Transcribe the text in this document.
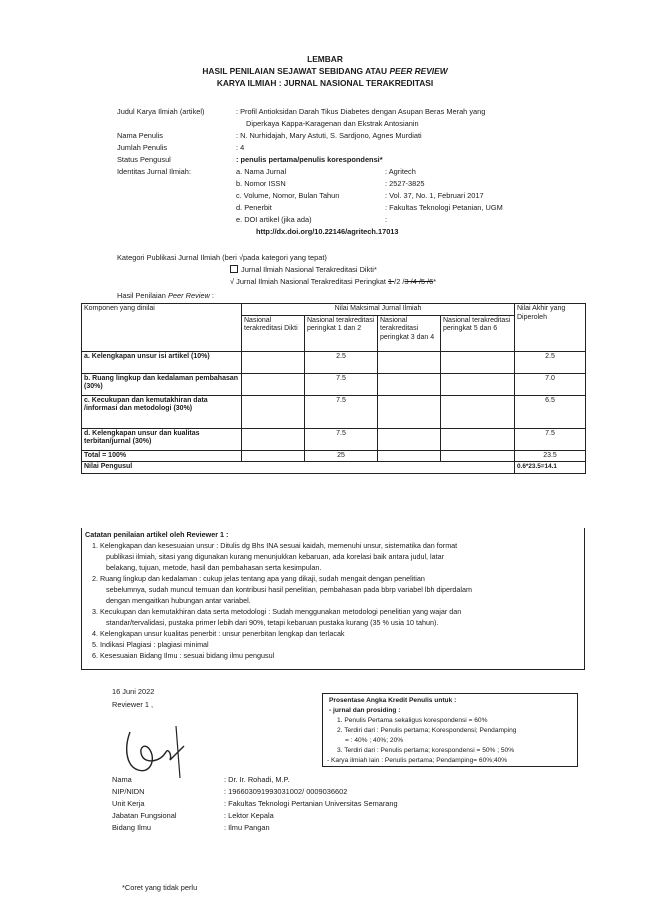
LEMBAR
HASIL PENILAIAN SEJAWAT SEBIDANG ATAU PEER REVIEW
KARYA ILMIAH : JURNAL NASIONAL TERAKREDITASI
Judul Karya Ilmiah (artikel)	: Profil Antioksidan Darah Tikus Diabetes dengan Asupan Beras Merah yang
Diperkaya Kappa-Karagenan dan Ekstrak Antosianin
Nama Penulis	: N. Nurhidajah, Mary Astuti, S. Sardjono, Agnes Murdiati
Jumlah Penulis	: 4
Status Pengusul	: penulis pertama/penulis korespondensi*
Identitas Jurnal Ilmiah:	a. Nama Jurnal	: Agritech
b. Nomor ISSN	: 2527-3825
c. Volume, Nomor, Bulan Tahun	: Vol. 37, No. 1, Februari 2017
d. Penerbit	: Fakultas Teknologi Petanian, UGM
e. DOI artikel (jika ada)	:
http://dx.doi.org/10.22146/agritech.17013
Kategori Publikasi Jurnal Ilmiah (beri √pada kategori yang tepat)
Jurnal Ilmiah Nasional Terakreditasi Dikti*
√ Jurnal Ilmiah Nasional Terakreditasi Peringkat 1 /2 /3 /4 /5 /6*
Hasil Penilaian Peer Review :
Komponen yang dinilai	Nilai Maksimal Jurnal Ilmiah				Nilai Akhir yang Diperoleh
	Nasional terakreditasi Dikti	Nasional terakreditasi peringkat 1 dan 2	Nasional terakreditasi peringkat 3 dan 4	Nasional terakreditasi peringkat 5 dan 6	
a. Kelengkapan unsur isi artikel (10%)		2.5			2.5
b. Ruang lingkup dan kedalaman pembahasan (30%)		7.5			7.0
c. Kecukupan dan kemutakhiran data /informasi dan metodologi (30%)		7.5			6.5
d. Kelengkapan unsur dan kualitas terbitan/jurnal (30%)		7.5			7.5
Total = 100%		25			23.5
Nilai Pengusul					0.6*23.5=14.1
Catatan penilaian artikel oleh Reviewer 1 :
1. Kelengkapan dan kesesuaian unsur : Ditulis dg Bhs INA sesuai kaidah, memenuhi unsur, sistematika dan format
publikasi ilmiah, sitasi yang digunakan kurang menunjukkan kebaruan, ada korelasi baik antara judul, latar
belakang, tujuan, metode, hasil dan pembahasan serta kesimpulan.
2. Ruang lingkup dan kedalaman : cukup jelas tentang apa yang dikaji, sudah mengait dengan penelitian
sebelumnya, sudah muncul temuan dan kontribusi hasil penelitian, pembahasan pada bbrp variabel lbh diperdalam
dengan mengaitkan hubungan antar variabel.
3. Kecukupan dan kemutakhiran data serta metodologi : Sudah menggunakan metodologi penelitian yang wajar dan
standar/tervalidasi, pustaka primer lebih dari 90%, tetapi kebaruan pustaka kurang (35 % usia 10 tahun).
4. Kelengkapan unsur kualitas penerbit : unsur penerbitan lengkap dan terlacak
5. Indikasi Plagiasi : plagiasi minimal
6. Kesesuaian Bidang Ilmu : sesuai bidang ilmu pengusul
16 Juni 2022
Reviewer 1 ,
Nama	: Dr. Ir. Rohadi, M.P.
NIP/NIDN	: 196603091993031002/ 0009036602
Unit Kerja	: Fakultas Teknologi Pertanian Universitas Semarang
Jabatan Fungsional	: Lektor Kepala
Bidang Ilmu	: Ilmu Pangan
Prosentase Angka Kredit Penulis untuk :
- jurnal dan prosiding :
1. Penulis Pertama sekaligus korespondensi = 60%
2. Terdiri dari : Penulis pertama; Korespondensi; Pendamping
= : 40% ; 40%; 20%
3. Terdiri dari : Penulis pertama; korespondensi = 50% ; 50%
- Karya ilmiah lain : Penulis pertama; Pendamping= 60%;40%
*Coret yang tidak perlu
